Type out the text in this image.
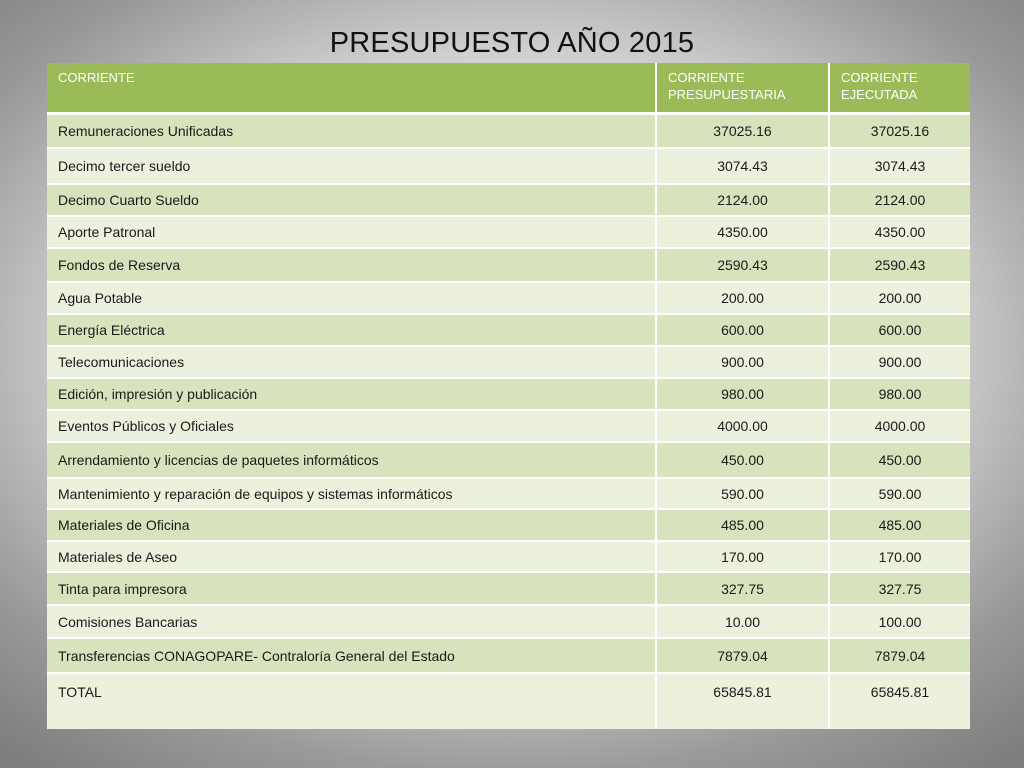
PRESUPUESTO AÑO 2015
CORRIENTE	CORRIENTE PRESUPUESTARIA	CORRIENTE EJECUTADA
Remuneraciones Unificadas	37025.16	37025.16
Decimo tercer sueldo	3074.43	3074.43
Decimo Cuarto Sueldo	2124.00	2124.00
Aporte Patronal	4350.00	4350.00
Fondos de Reserva	2590.43	2590.43
Agua Potable	200.00	200.00
Energía Eléctrica	600.00	600.00
Telecomunicaciones	900.00	900.00
Edición, impresión y publicación	980.00	980.00
Eventos Públicos y Oficiales	4000.00	4000.00
Arrendamiento y licencias de paquetes informáticos	450.00	450.00
Mantenimiento y reparación de equipos y sistemas informáticos	590.00	590.00
Materiales de Oficina	485.00	485.00
Materiales de Aseo	170.00	170.00
Tinta para impresora	327.75	327.75
Comisiones Bancarias	10.00	100.00
Transferencias CONAGOPARE- Contraloría General del Estado	7879.04	7879.04
TOTAL	65845.81	65845.81
